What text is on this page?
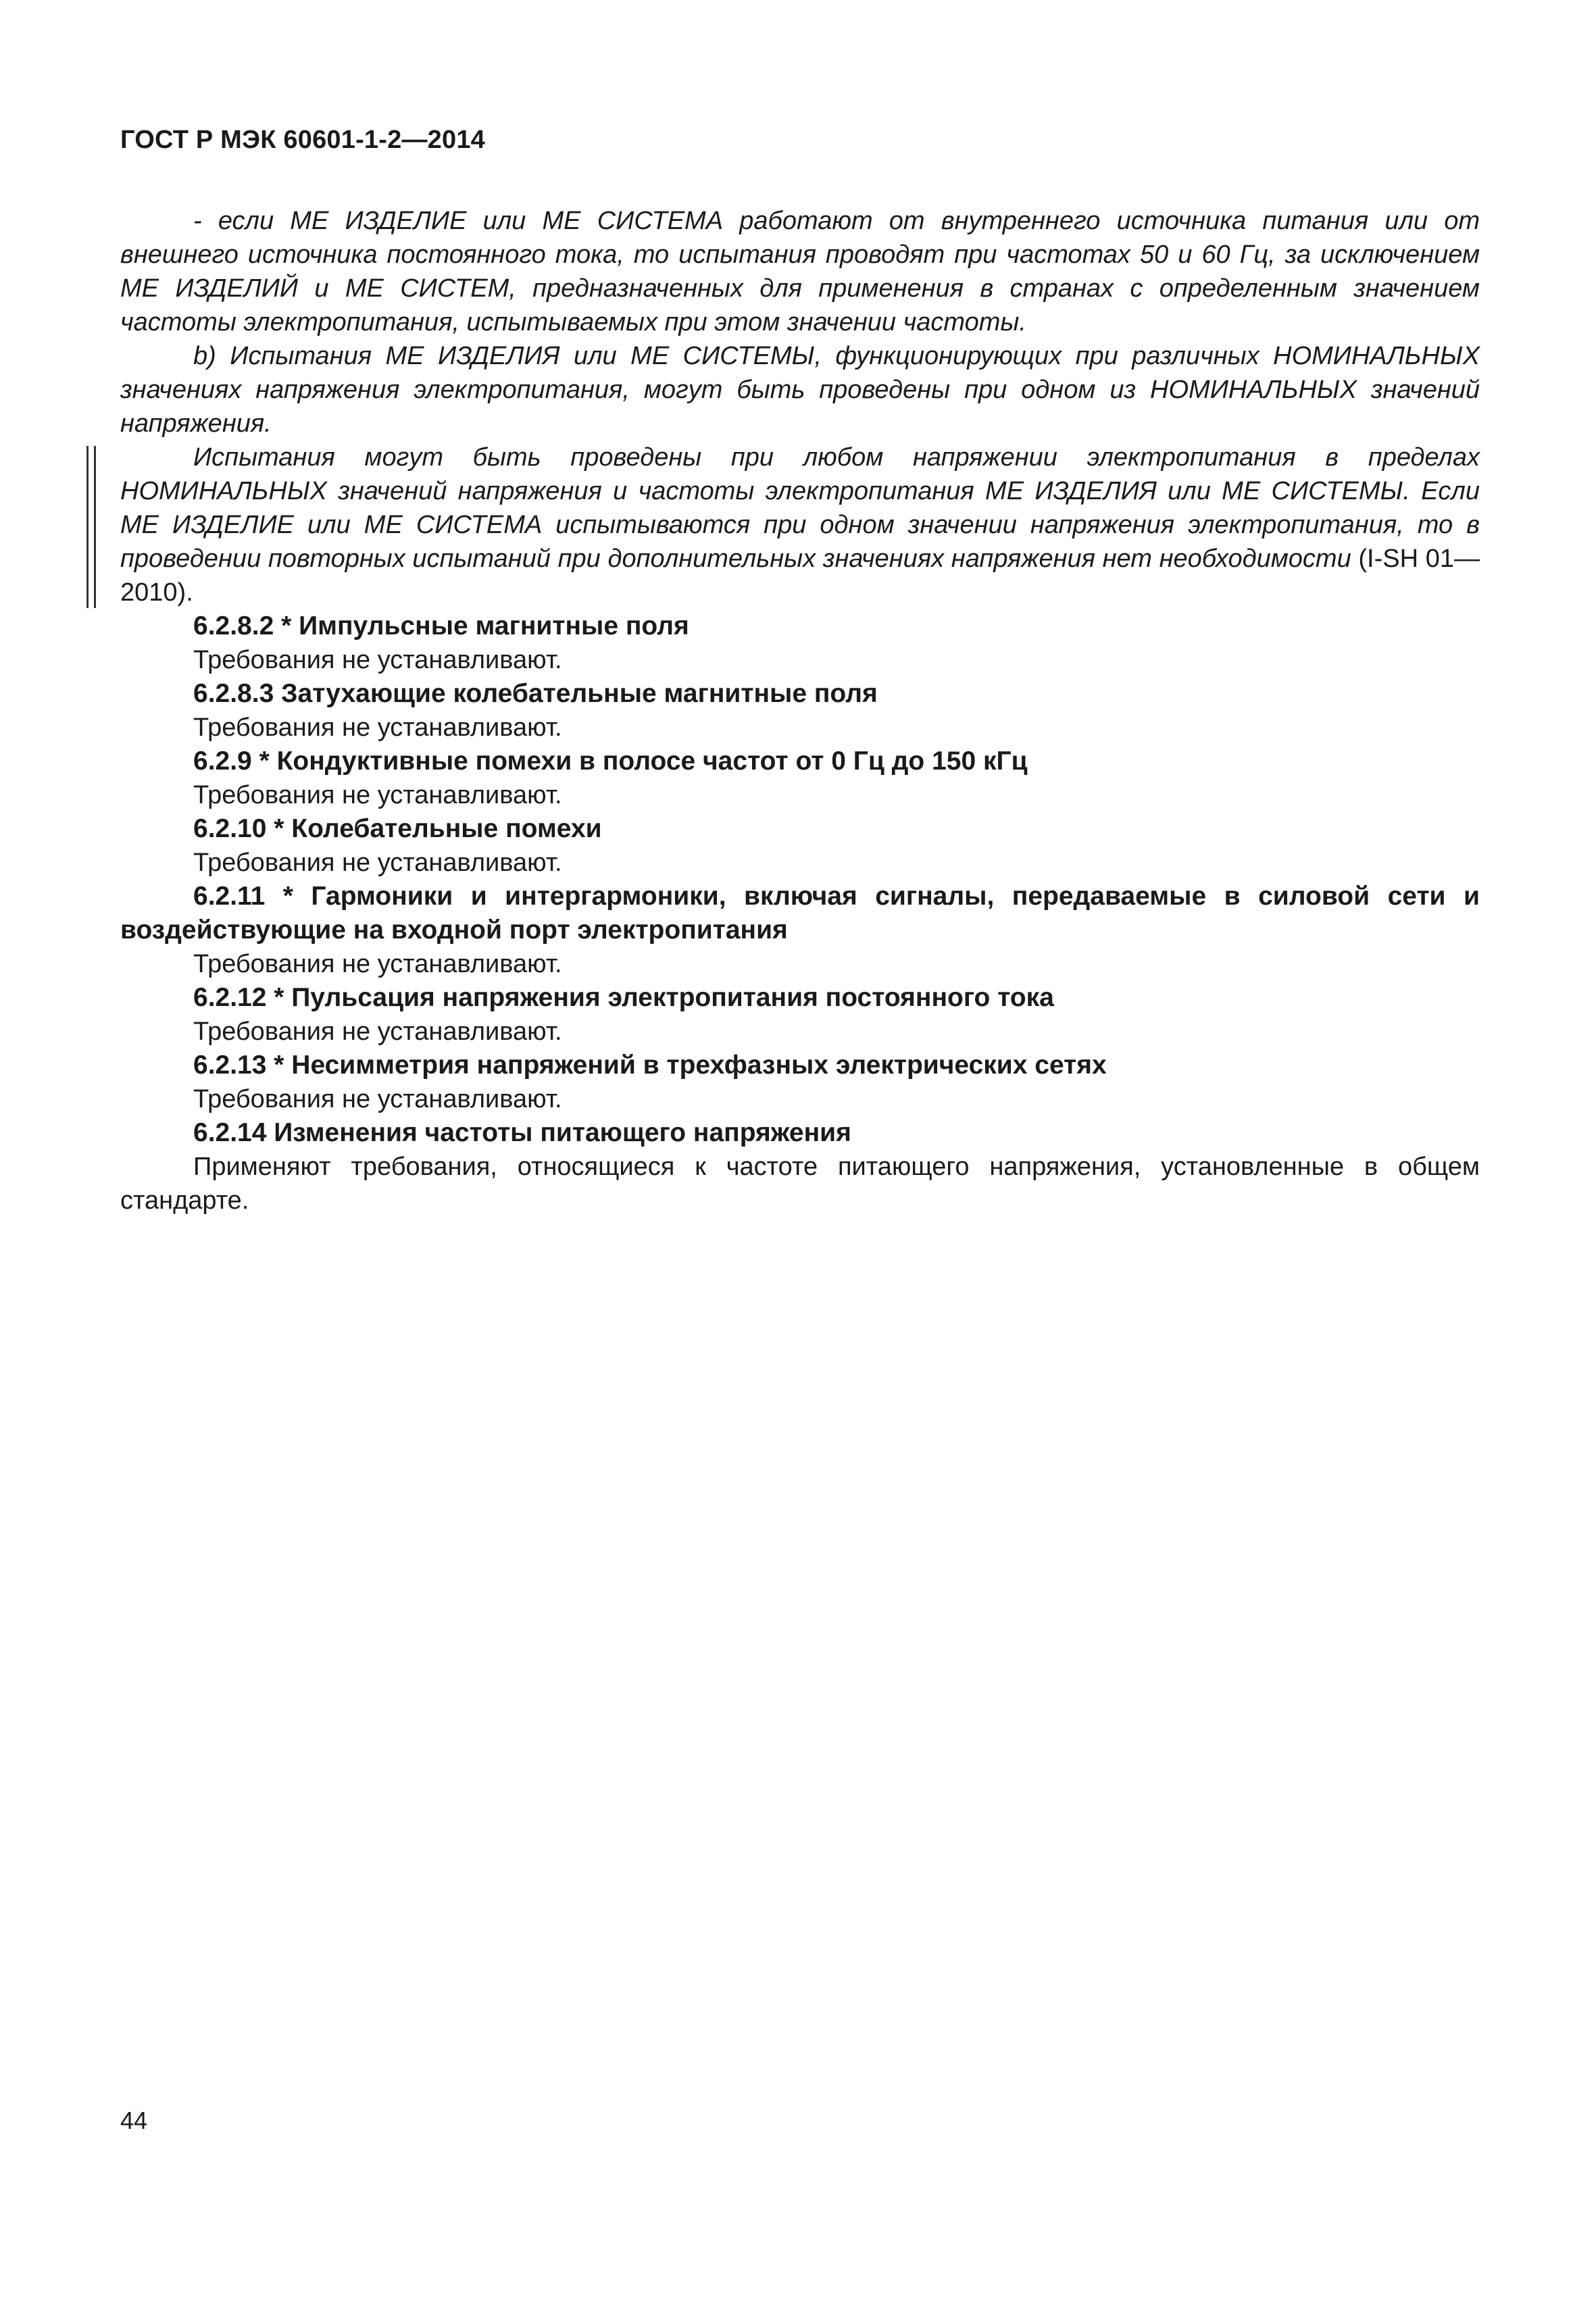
ГОСТ Р МЭК 60601-1-2—2014

- если МЕ ИЗДЕЛИЕ или МЕ СИСТЕМА работают от внутреннего источника питания или от внешнего источника постоянного тока, то испытания проводят при частотах 50 и 60 Гц, за исключением МЕ ИЗДЕЛИЙ и МЕ СИСТЕМ, предназначенных для применения в странах с определенным значением частоты электропитания, испытываемых при этом значении частоты.

b) Испытания МЕ ИЗДЕЛИЯ или МЕ СИСТЕМЫ, функционирующих при различных НОМИНАЛЬНЫХ значениях напряжения электропитания, могут быть проведены при одном из НОМИНАЛЬНЫХ значений напряжения.

Испытания могут быть проведены при любом напряжении электропитания в пределах НОМИНАЛЬНЫХ значений напряжения и частоты электропитания МЕ ИЗДЕЛИЯ или МЕ СИСТЕМЫ. Если МЕ ИЗДЕЛИЕ или МЕ СИСТЕМА испытываются при одном значении напряжения электропитания, то в проведении повторных испытаний при дополнительных значениях напряжения нет необходимости (I-SH 01—2010).

6.2.8.2 * Импульсные магнитные поля

Требования не устанавливают.

6.2.8.3 Затухающие колебательные магнитные поля

Требования не устанавливают.

6.2.9 * Кондуктивные помехи в полосе частот от 0 Гц до 150 кГц

Требования не устанавливают.

6.2.10 * Колебательные помехи

Требования не устанавливают.

6.2.11 * Гармоники и интергармоники, включая сигналы, передаваемые в силовой сети и воздействующие на входной порт электропитания

Требования не устанавливают.

6.2.12 * Пульсация напряжения электропитания постоянного тока

Требования не устанавливают.

6.2.13 * Несимметрия напряжений в трехфазных электрических сетях

Требования не устанавливают.

6.2.14 Изменения частоты питающего напряжения

Применяют требования, относящиеся к частоте питающего напряжения, установленные в общем стандарте.

44
